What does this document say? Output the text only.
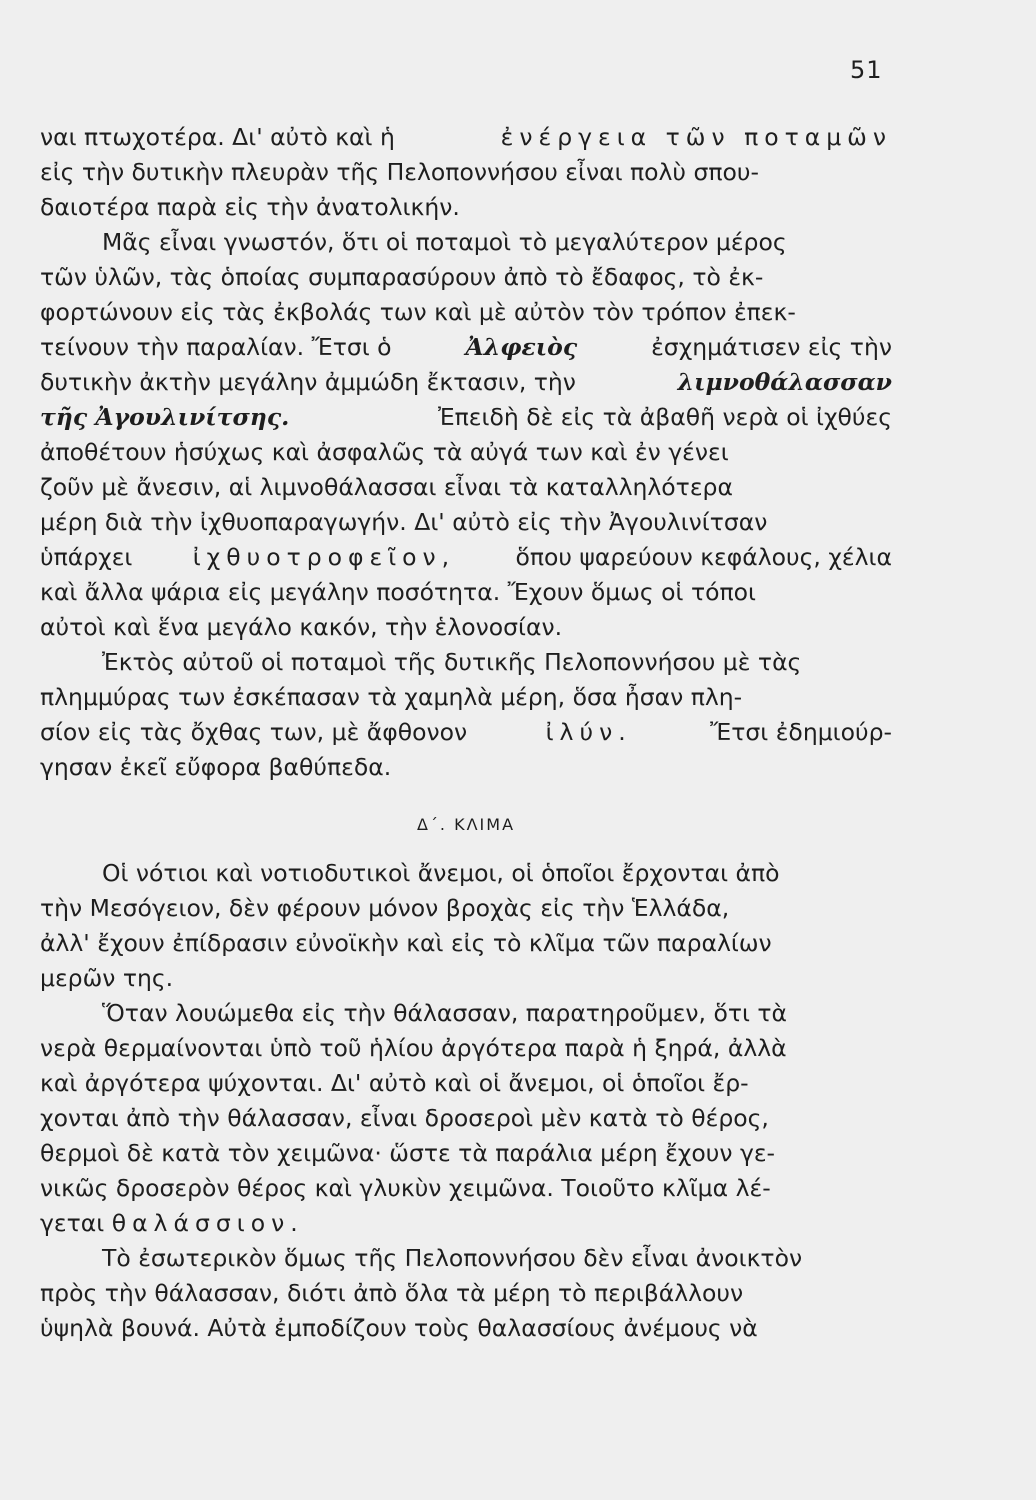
51
ναι πτωχοτέρα. Δι' αὐτὸ καὶ ἡ	ἐνέργεια τῶν ποταμῶν
εἰς τὴν δυτικὴν πλευρὰν τῆς Πελοποννήσου εἶναι πολὺ σπου-
δαιοτέρα παρὰ εἰς τὴν ἀνατολικήν.
Μᾶς εἶναι γνωστόν, ὅτι οἱ ποταμοὶ τὸ μεγαλύτερον μέρος
τῶν ὑλῶν, τὰς ὁποίας συμπαρασύρουν ἀπὸ τὸ ἔδαφος, τὸ ἐκ-
φορτώνουν εἰς τὰς ἐκβολάς των καὶ μὲ αὐτὸν τὸν τρόπον ἐπεκ-
τείνουν τὴν παραλίαν. Ἔτσι ὁ	Ἀλφειὸς	ἐσχημάτισεν εἰς τὴν
δυτικὴν ἀκτὴν μεγάλην ἀμμώδη ἔκτασιν, τὴν	λιμνοθάλασσαν
τῆς Ἀγουλινίτσης.	Ἐπειδὴ δὲ εἰς τὰ ἀβαθῆ νερὰ οἱ ἰχθύες
ἀποθέτουν ἡσύχως καὶ ἀσφαλῶς τὰ αὐγά των καὶ ἐν γένει
ζοῦν μὲ ἄνεσιν, αἱ λιμνοθάλασσαι εἶναι τὰ καταλληλότερα
μέρη διὰ τὴν ἰχθυοπαραγωγήν. Δι' αὐτὸ εἰς τὴν Ἀγουλινίτσαν
ὑπάρχει	ἰχθυοτροφεῖον,	ὅπου ψαρεύουν κεφάλους, χέλια
καὶ ἄλλα ψάρια εἰς μεγάλην ποσότητα. Ἔχουν ὅμως οἱ τόποι
αὐτοὶ καὶ ἕνα μεγάλο κακόν, τὴν ἑλονοσίαν.
Ἐκτὸς αὐτοῦ οἱ ποταμοὶ τῆς δυτικῆς Πελοποννήσου μὲ τὰς
πλημμύρας των ἐσκέπασαν τὰ χαμηλὰ μέρη, ὅσα ἦσαν πλη-
σίον εἰς τὰς ὄχθας των, μὲ ἄφθονον	ἰλύν.	Ἔτσι ἐδημιούρ-
γησαν ἐκεῖ εὔφορα βαθύπεδα.
Δ΄. ΚΛΙΜΑ
Οἱ νότιοι καὶ νοτιοδυτικοὶ ἄνεμοι, οἱ ὁποῖοι ἔρχονται ἀπὸ
τὴν Μεσόγειον, δὲν φέρουν μόνον βροχὰς εἰς τὴν Ἑλλάδα,
ἀλλ' ἔχουν ἐπίδρασιν εὐνοϊκὴν καὶ εἰς τὸ κλῖμα τῶν παραλίων
μερῶν της.
Ὅταν λουώμεθα εἰς τὴν θάλασσαν, παρατηροῦμεν, ὅτι τὰ
νερὰ θερμαίνονται ὑπὸ τοῦ ἡλίου ἀργότερα παρὰ ἡ ξηρά, ἀλλὰ
καὶ ἀργότερα ψύχονται. Δι' αὐτὸ καὶ οἱ ἄνεμοι, οἱ ὁποῖοι ἔρ-
χονται ἀπὸ τὴν θάλασσαν, εἶναι δροσεροὶ μὲν κατὰ τὸ θέρος,
θερμοὶ δὲ κατὰ τὸν χειμῶνα· ὥστε τὰ παράλια μέρη ἔχουν γε-
νικῶς δροσερὸν θέρος καὶ γλυκὺν χειμῶνα. Τοιοῦτο κλῖμα λέ-
γεται
θαλάσσιον.
Τὸ ἐσωτερικὸν ὅμως τῆς Πελοποννήσου δὲν εἶναι ἀνοικτὸν
πρὸς τὴν θάλασσαν, διότι ἀπὸ ὅλα τὰ μέρη τὸ περιβάλλουν
ὑψηλὰ βουνά. Αὐτὰ ἐμποδίζουν τοὺς θαλασσίους ἀνέμους νὰ
